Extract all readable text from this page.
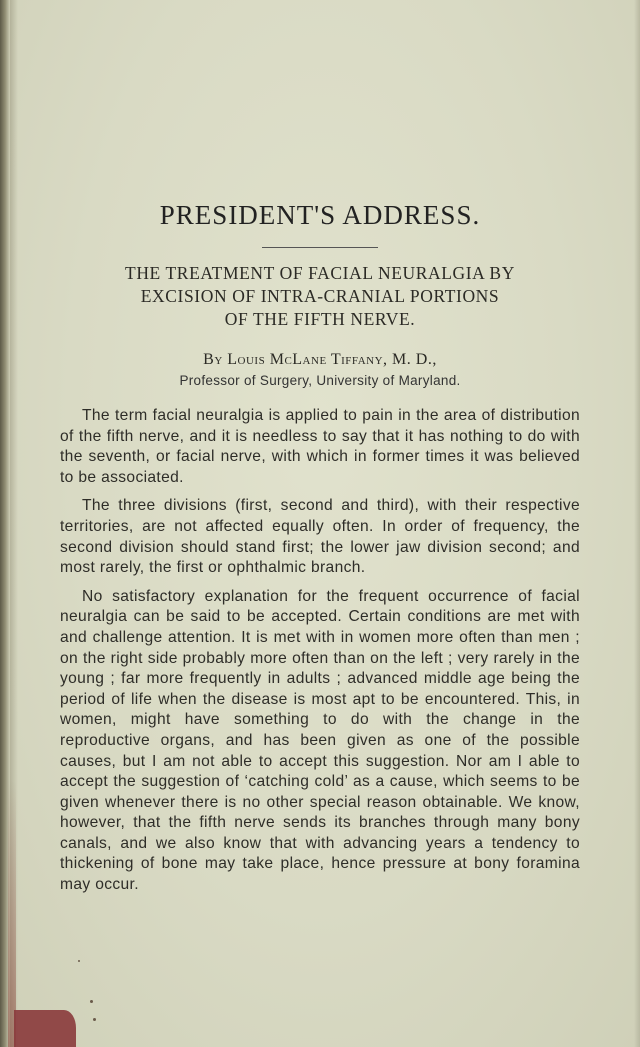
PRESIDENT'S ADDRESS.
THE TREATMENT OF FACIAL NEURALGIA BY
EXCISION OF INTRA-CRANIAL PORTIONS
OF THE FIFTH NERVE.

By Louis McLane Tiffany, M. D.,

Professor of Surgery, University of Maryland.

The term facial neuralgia is applied to pain in the area of distribution of the fifth nerve, and it is needless to say that it has nothing to do with the seventh, or facial nerve, with which in former times it was believed to be associated.

The three divisions (first, second and third), with their respective territories, are not affected equally often. In order of frequency, the second division should stand first; the lower jaw division second; and most rarely, the first or ophthalmic branch.

No satisfactory explanation for the frequent occurrence of facial neuralgia can be said to be accepted. Certain conditions are met with and challenge attention. It is met with in women more often than men ; on the right side probably more often than on the left ; very rarely in the young ; far more frequently in adults ; advanced middle age being the period of life when the disease is most apt to be encountered. This, in women, might have something to do with the change in the reproductive organs, and has been given as one of the possible causes, but I am not able to accept this suggestion. Nor am I able to accept the suggestion of ‘catching cold’ as a cause, which seems to be given whenever there is no other special reason obtainable. We know, however, that the fifth nerve sends its branches through many bony canals, and we also know that with advancing years a tendency to thickening of bone may take place, hence pressure at bony foramina may occur.
